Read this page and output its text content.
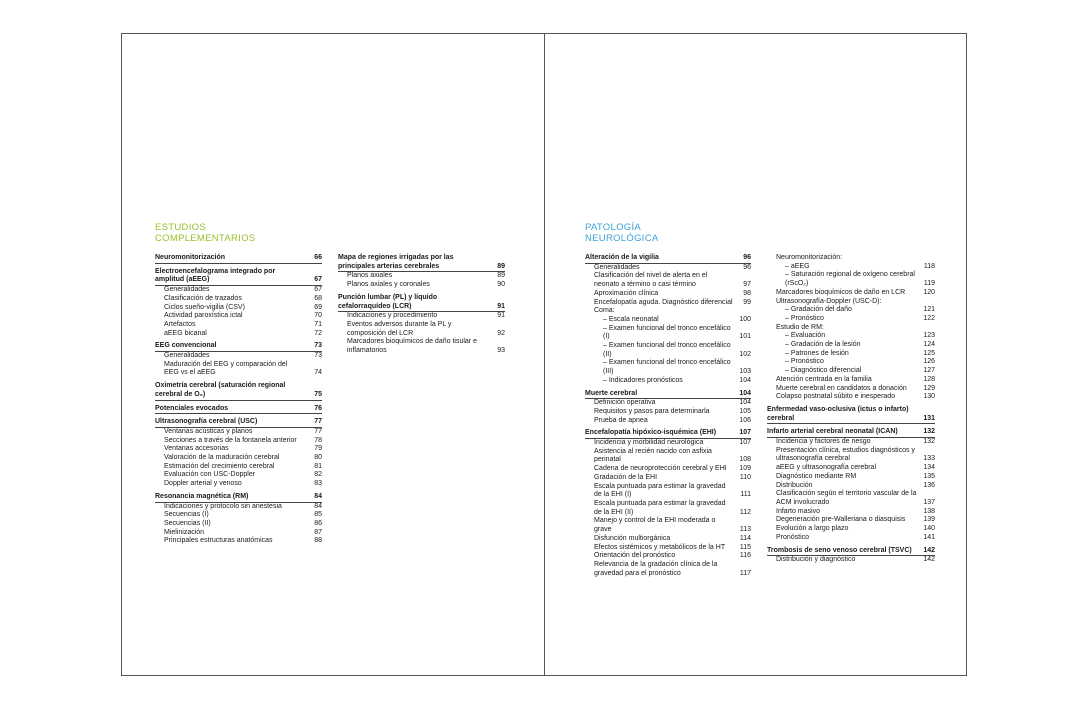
ESTUDIOS
COMPLEMENTARIOS
Neuromonitorización	66
Electroencefalograma integrado por amplitud (aEEG)	67
Generalidades	67
Clasificación de trazados	68
Ciclos sueño-vigilia (CSV)	69
Actividad paroxística ictal	70
Artefactos	71
aEEG bicanal	72
EEG convencional	73
Generalidades	73
Maduración del EEG y comparación del EEG vs el aEEG	74
Oximetría cerebral (saturación regional cerebral de O₂)	75
Potenciales evocados	76
Ultrasonografía cerebral (USC)	77
Ventanas acústicas y planos	77
Secciones a través de la fontanela anterior	78
Ventanas accesorias	79
Valoración de la maduración cerebral	80
Estimación del crecimiento cerebral	81
Evaluación con USC-Doppler	82
Doppler arterial y venoso	83
Resonancia magnética (RM)	84
Indicaciones y protocolo sin anestesia	84
Secuencias (I)	85
Secuencias (II)	86
Mielinización	87
Principales estructuras anatómicas	88
Mapa de regiones irrigadas por las principales arterias cerebrales	89
Planos axiales	89
Planos axiales y coronales	90
Punción lumbar (PL) y líquido cefalorraquídeo (LCR)	91
Indicaciones y procedimiento	91
Eventos adversos durante la PL y composición del LCR	92
Marcadores bioquímicos de daño tisular e inflamatorios	93
PATOLOGÍA
NEUROLÓGICA
Alteración de la vigilia	96
Generalidades	96
Clasificación del nivel de alerta en el neonato a término o casi término	97
Aproximación clínica	98
Encefalopatía aguda. Diagnóstico diferencial	99
Coma:
– Escala neonatal	100
– Examen funcional del tronco encefálico (I)	101
– Examen funcional del tronco encefálico (II)	102
– Examen funcional del tronco encefálico (III)	103
– Indicadores pronósticos	104
Muerte cerebral	104
Definición operativa	104
Requisitos y pasos para determinarla	105
Prueba de apnea	106
Encefalopatía hipóxico-isquémica (EHI)	107
Incidencia y morbilidad neurológica	107
Asistencia al recién nacido con asfixia perinatal	108
Cadena de neuroprotección cerebral y EHI	109
Gradación de la EHI	110
Escala puntuada para estimar la gravedad de la EHI (I)	111
Escala puntuada para estimar la gravedad de la EHI (II)	112
Manejo y control de la EHI moderada o grave	113
Disfunción multiorgánica	114
Efectos sistémicos y metabólicos de la HT	115
Orientación del pronóstico	116
Relevancia de la gradación clínica de la gravedad para el pronóstico	117
Neuromonitorización:
– aEEG	118
– Saturación regional de oxígeno cerebral (rScO₂)	119
Marcadores bioquímicos de daño en LCR	120
Ultrasonografía-Doppler (USC-D):
– Gradación del daño	121
– Pronóstico	122
Estudio de RM:
– Evaluación	123
– Gradación de la lesión	124
– Patrones de lesión	125
– Pronóstico	126
– Diagnóstico diferencial	127
Atención centrada en la familia	128
Muerte cerebral en candidatos a donación	129
Colapso postnatal súbito e inesperado	130
Enfermedad vaso-oclusiva (ictus o infarto) cerebral	131
Infarto arterial cerebral neonatal (ICAN)	132
Incidencia y factores de riesgo	132
Presentación clínica, estudios diagnósticos y ultrasonografía cerebral	133
aEEG y ultrasonografía cerebral	134
Diagnóstico mediante RM	135
Distribución	136
Clasificación según el territorio vascular de la ACM involucrado	137
Infarto masivo	138
Degeneración pre-Walleriana o diasquisis	139
Evolución a largo plazo	140
Pronóstico	141
Trombosis de seno venoso cerebral (TSVC)	142
Distribución y diagnóstico	142
